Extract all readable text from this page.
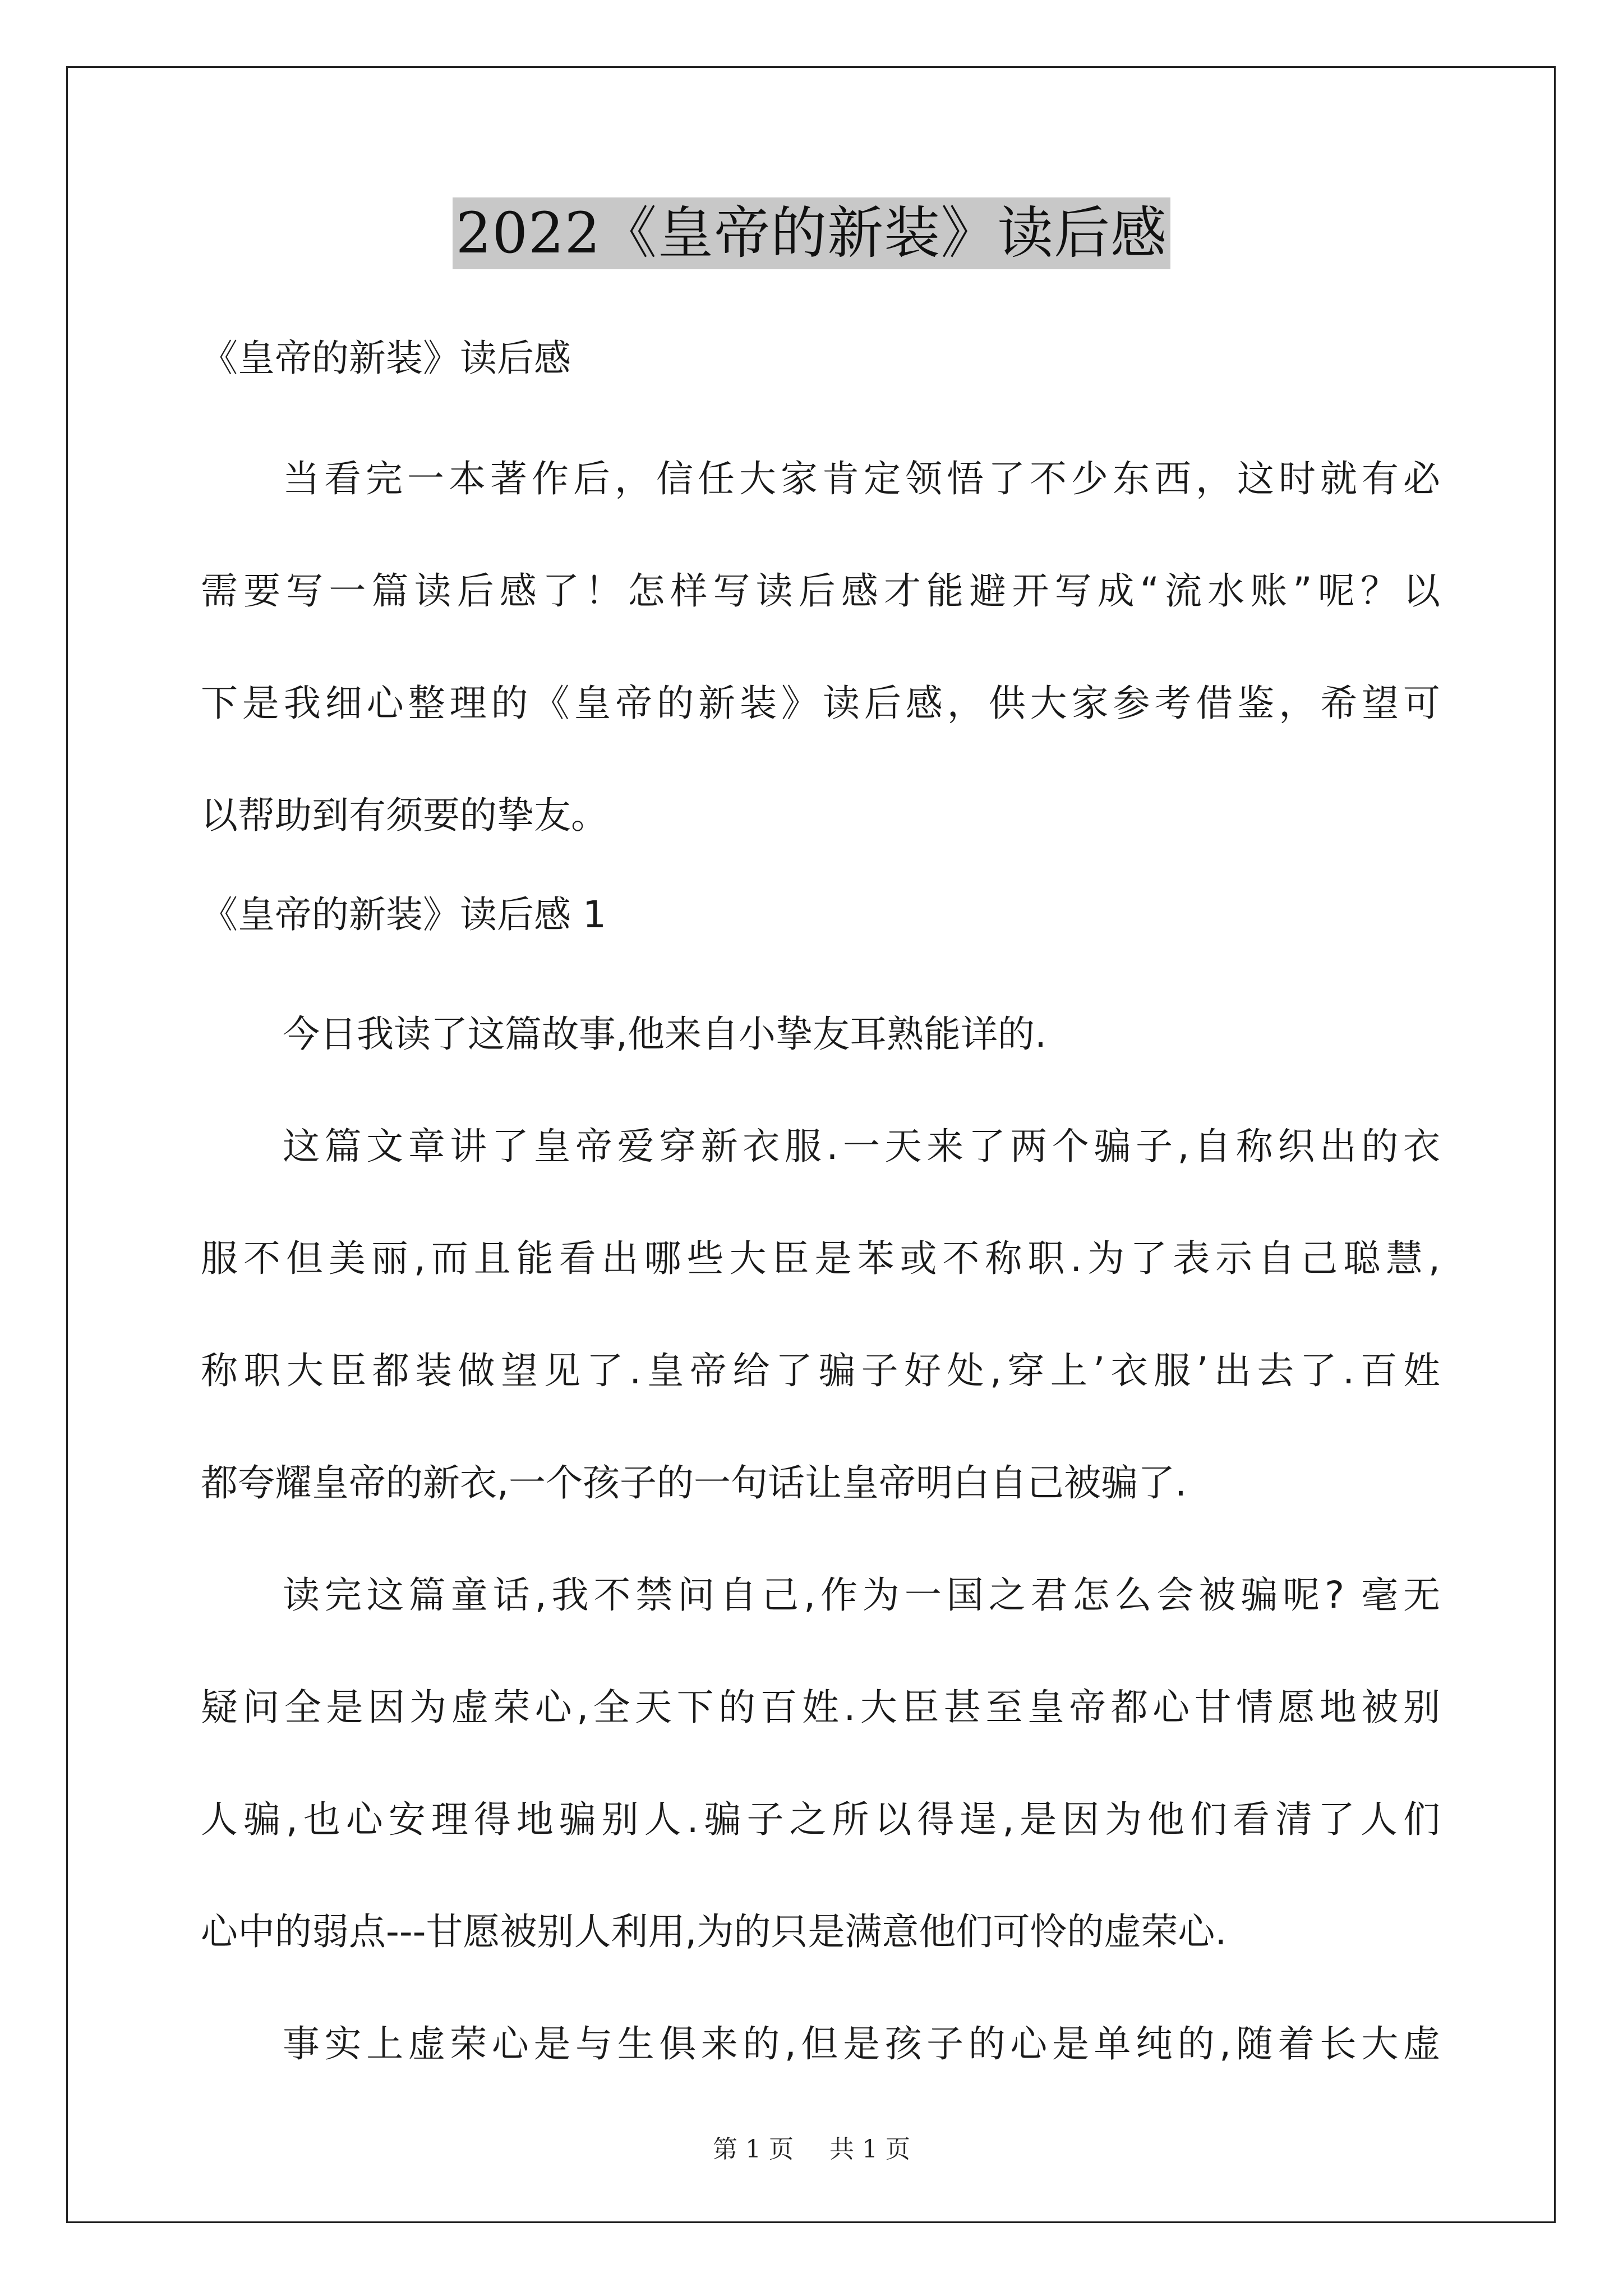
2022《皇帝的新装》读后感

《皇帝的新装》读后感

当看完一本著作后，信任大家肯定领悟了不少东西，这时就有必

需要写一篇读后感了！怎样写读后感才能避开写成“流水账”呢？以

下是我细心整理的《皇帝的新装》读后感，供大家参考借鉴，希望可

以帮助到有须要的挚友。

《皇帝的新装》读后感 1

今日我读了这篇故事,他来自小挚友耳熟能详的.

这篇文章讲了皇帝爱穿新衣服.一天来了两个骗子,自称织出的衣

服不但美丽,而且能看出哪些大臣是苯或不称职.为了表示自己聪慧,

称职大臣都装做望见了.皇帝给了骗子好处,穿上’衣服’出去了.百姓

都夸耀皇帝的新衣,一个孩子的一句话让皇帝明白自己被骗了.

读完这篇童话,我不禁问自己,作为一国之君怎么会被骗呢? 毫无

疑问全是因为虚荣心,全天下的百姓.大臣甚至皇帝都心甘情愿地被别

人骗,也心安理得地骗别人.骗子之所以得逞,是因为他们看清了人们

心中的弱点---甘愿被别人利用,为的只是满意他们可怜的虚荣心.

事实上虚荣心是与生俱来的,但是孩子的心是单纯的,随着长大虚

第 1 页 共 1 页
